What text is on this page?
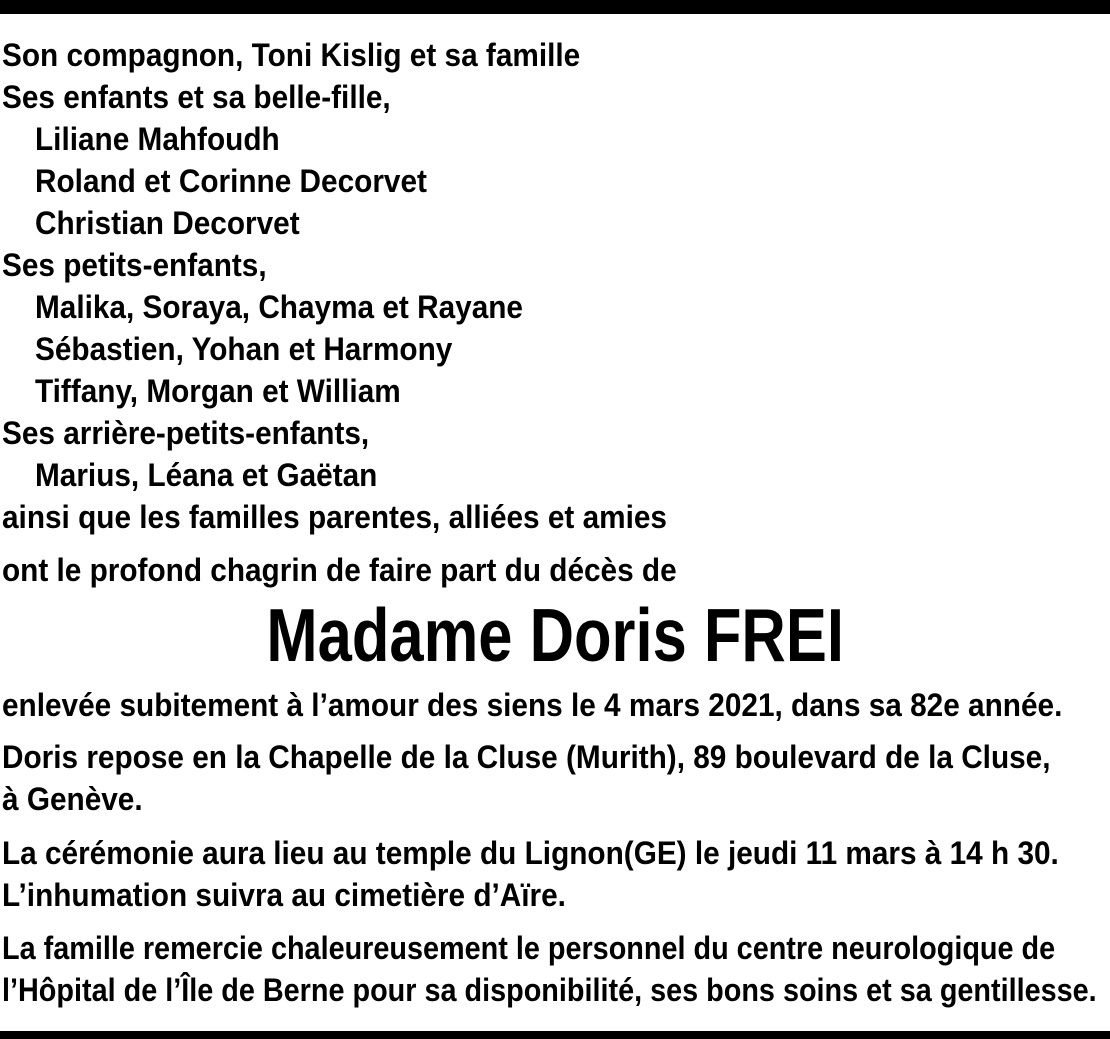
Son compagnon, Toni Kislig et sa famille
Ses enfants et sa belle-fille,
Liliane Mahfoudh
Roland et Corinne Decorvet
Christian Decorvet
Ses petits-enfants,
Malika, Soraya, Chayma et Rayane
Sébastien, Yohan et Harmony
Tiffany, Morgan et William
Ses arrière-petits-enfants,
Marius, Léana et Gaëtan
ainsi que les familles parentes, alliées et amies
ont le profond chagrin de faire part du décès de
Madame Doris FREI
enlevée subitement à l’amour des siens le 4 mars 2021, dans sa 82e année.
Doris repose en la Chapelle de la Cluse (Murith), 89 boulevard de la Cluse,
à Genève.
La cérémonie aura lieu au temple du Lignon(GE) le jeudi 11 mars à 14 h 30.
L’inhumation suivra au cimetière d’Aïre.
La famille remercie chaleureusement le personnel du centre neurologique de
l’Hôpital de l’Île de Berne pour sa disponibilité, ses bons soins et sa gentillesse.
